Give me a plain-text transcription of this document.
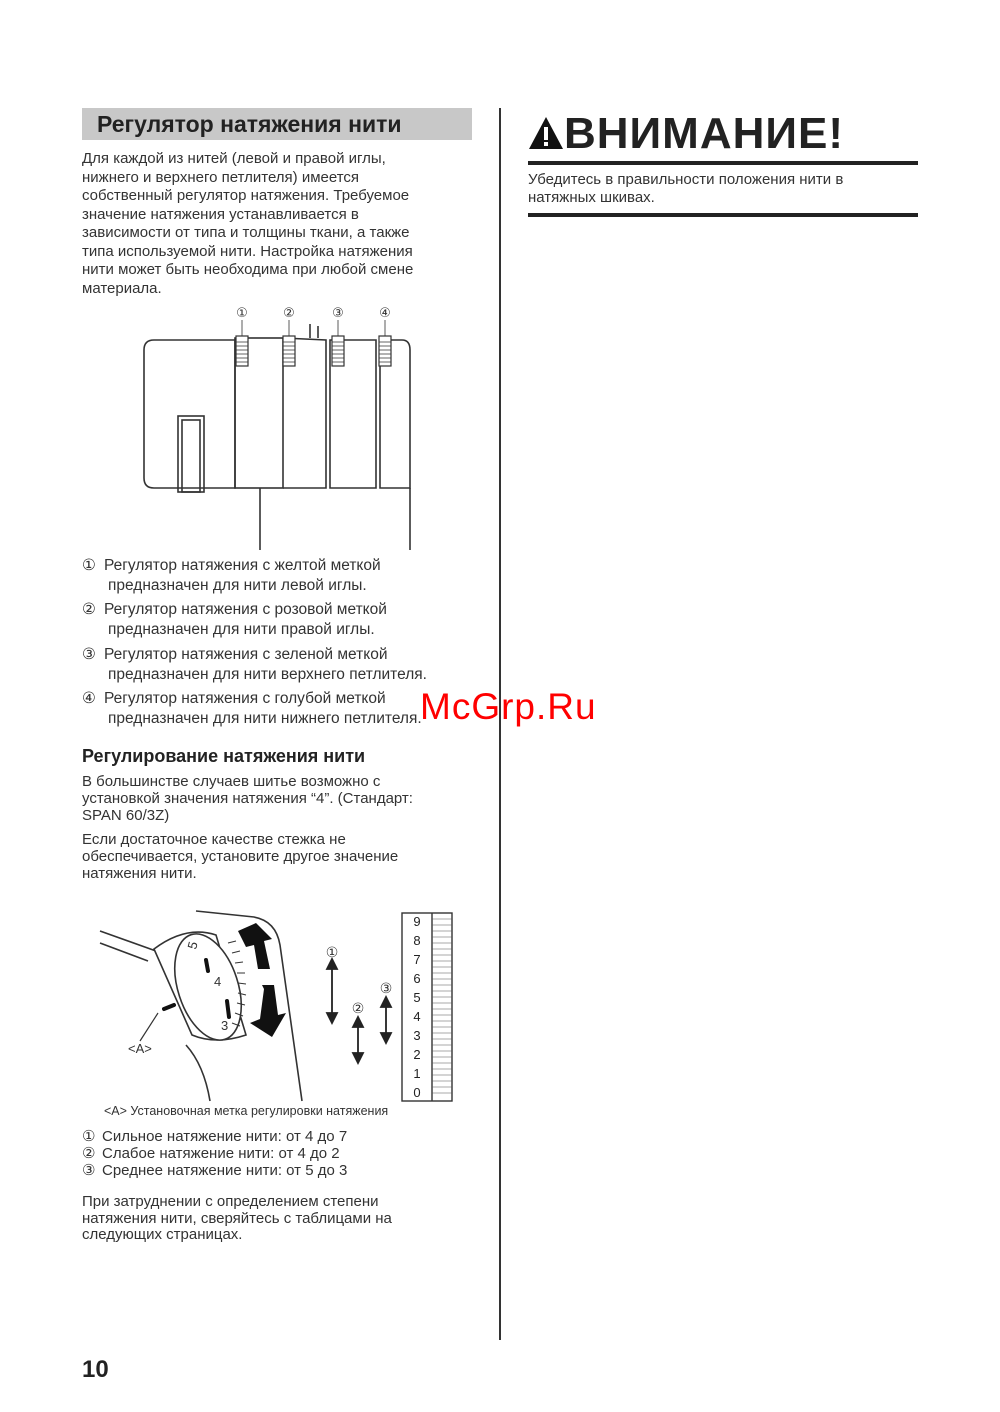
Регулятор натяжения нити

Для каждой из нитей (левой и правой иглы,

нижнего и верхнего петлителя) имеется

собственный регулятор натяжения. Требуемое

значение натяжения устанавливается в

зависимости от типа и толщины ткани, а также

типа используемой нити. Настройка натяжения

нити может быть необходима при любой смене

материала.

①	②	③	④
① Регулятор натяжения с желтой меткой
предназначен для нити левой иглы.
② Регулятор натяжения с розовой меткой
предназначен для нити правой иглы.
③ Регулятор натяжения с зеленой меткой
предназначен для нити верхнего петлителя.
④ Регулятор натяжения с голубой меткой
предназначен для нити нижнего петлителя.
Регулирование натяжения нити

В большинстве случаев шитье возможно с

установкой значения натяжения “4”. (Стандарт:

SPAN 60/3Z)

Если достаточное качестве стежка не

обеспечивается, установите другое значение

натяжения нити.

5
4
3
<A>
①
②
③
9
8
7
6
5
4
3
2
1
0
<A> Установочная метка регулировки натяжения

① Сильное натяжение нити: от 4 до 7

② Слабое натяжение нити: от 4 до 2

③ Среднее натяжение нити: от 5 до 3

При затруднении с определением степени

натяжения нити, сверяйтесь с таблицами на

следующих страницах.

ВНИМАНИЕ!

Убедитесь в правильности положения нити в

натяжных шкивах.

McGrp.Ru
10
